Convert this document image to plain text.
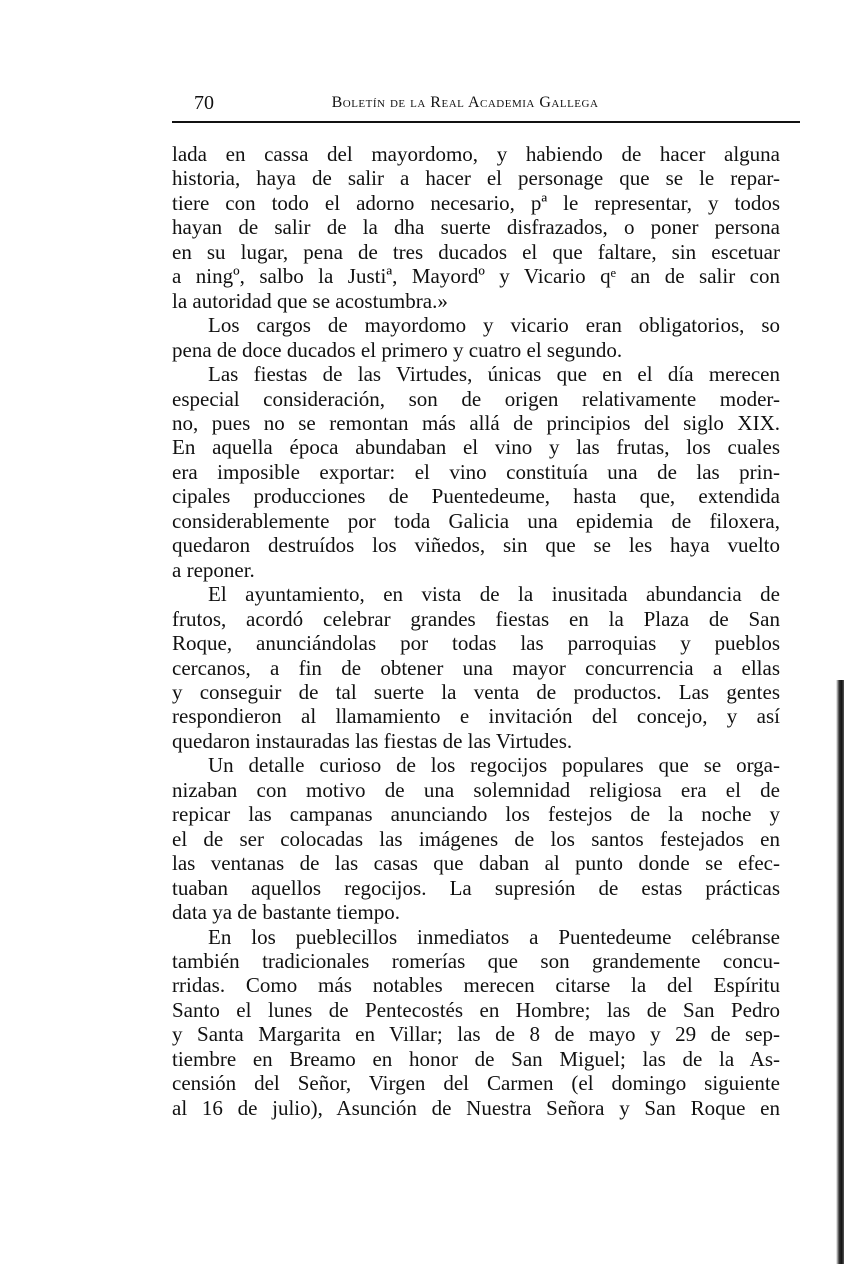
70	Boletín de la Real Academia Gallega
lada en cassa del mayordomo, y habiendo de hacer alguna
historia, haya de salir a hacer el personage que se le repar-
tiere con todo el adorno necesario, pª le representar, y todos
hayan de salir de la dha suerte disfrazados, o poner persona
en su lugar, pena de tres ducados el que faltare, sin escetuar
a ningº, salbo la Justiª, Mayordº y Vicario qᵉ an de salir con
la autoridad que se acostumbra.»
Los cargos de mayordomo y vicario eran obligatorios, so
pena de doce ducados el primero y cuatro el segundo.
Las fiestas de las Virtudes, únicas que en el día merecen
especial consideración, son de origen relativamente moder-
no, pues no se remontan más allá de principios del siglo XIX.
En aquella época abundaban el vino y las frutas, los cuales
era imposible exportar: el vino constituía una de las prin-
cipales producciones de Puentedeume, hasta que, extendida
considerablemente por toda Galicia una epidemia de filoxera,
quedaron destruídos los viñedos, sin que se les haya vuelto
a reponer.
El ayuntamiento, en vista de la inusitada abundancia de
frutos, acordó celebrar grandes fiestas en la Plaza de San
Roque, anunciándolas por todas las parroquias y pueblos
cercanos, a fin de obtener una mayor concurrencia a ellas
y conseguir de tal suerte la venta de productos. Las gentes
respondieron al llamamiento e invitación del concejo, y así
quedaron instauradas las fiestas de las Virtudes.
Un detalle curioso de los regocijos populares que se orga-
nizaban con motivo de una solemnidad religiosa era el de
repicar las campanas anunciando los festejos de la noche y
el de ser colocadas las imágenes de los santos festejados en
las ventanas de las casas que daban al punto donde se efec-
tuaban aquellos regocijos. La supresión de estas prácticas
data ya de bastante tiempo.
En los pueblecillos inmediatos a Puentedeume celébranse
también tradicionales romerías que son grandemente concu-
rridas. Como más notables merecen citarse la del Espíritu
Santo el lunes de Pentecostés en Hombre; las de San Pedro
y Santa Margarita en Villar; las de 8 de mayo y 29 de sep-
tiembre en Breamo en honor de San Miguel; las de la As-
censión del Señor, Virgen del Carmen (el domingo siguiente
al 16 de julio), Asunción de Nuestra Señora y San Roque en
